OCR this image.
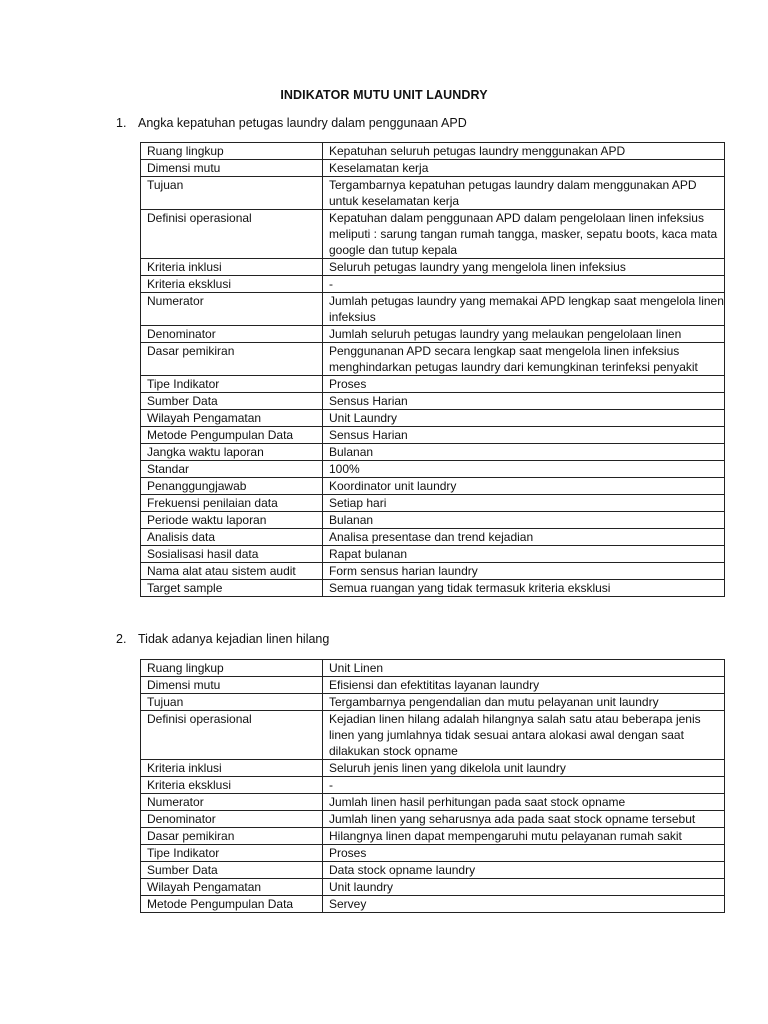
INDIKATOR MUTU UNIT LAUNDRY
1. Angka kepatuhan petugas laundry dalam penggunaan APD
Ruang lingkup	Kepatuhan seluruh petugas laundry menggunakan APD
Dimensi mutu	Keselamatan kerja
Tujuan	Tergambarnya kepatuhan petugas laundry dalam menggunakan APD untuk keselamatan kerja
Definisi operasional	Kepatuhan dalam penggunaan APD dalam pengelolaan linen infeksius meliputi : sarung tangan rumah tangga, masker, sepatu boots, kaca mata google dan tutup kepala
Kriteria inklusi	Seluruh petugas laundry yang mengelola linen infeksius
Kriteria eksklusi	-
Numerator	Jumlah petugas laundry yang memakai APD lengkap saat mengelola linen infeksius
Denominator	Jumlah seluruh petugas laundry yang melaukan pengelolaan linen
Dasar pemikiran	Penggunanan APD secara lengkap saat mengelola linen infeksius menghindarkan petugas laundry dari kemungkinan terinfeksi penyakit
Tipe Indikator	Proses
Sumber Data	Sensus Harian
Wilayah Pengamatan	Unit Laundry
Metode Pengumpulan Data	Sensus Harian
Jangka waktu laporan	Bulanan
Standar	100%
Penanggungjawab	Koordinator unit laundry
Frekuensi penilaian data	Setiap hari
Periode waktu laporan	Bulanan
Analisis data	Analisa presentase dan trend kejadian
Sosialisasi hasil data	Rapat bulanan
Nama alat atau sistem audit	Form sensus harian laundry
Target sample	Semua ruangan yang tidak termasuk kriteria eksklusi
2. Tidak adanya kejadian linen hilang
Ruang lingkup	Unit Linen
Dimensi mutu	Efisiensi dan efektititas layanan laundry
Tujuan	Tergambarnya pengendalian dan mutu pelayanan unit laundry
Definisi operasional	Kejadian linen hilang adalah hilangnya salah satu atau beberapa jenis linen yang jumlahnya tidak sesuai antara alokasi awal dengan saat dilakukan stock opname
Kriteria inklusi	Seluruh jenis linen yang dikelola unit laundry
Kriteria eksklusi	-
Numerator	Jumlah linen hasil perhitungan pada saat stock opname
Denominator	Jumlah linen yang seharusnya ada pada saat stock opname tersebut
Dasar pemikiran	Hilangnya linen dapat mempengaruhi mutu pelayanan rumah sakit
Tipe Indikator	Proses
Sumber Data	Data stock opname laundry
Wilayah Pengamatan	Unit laundry
Metode Pengumpulan Data	Servey
